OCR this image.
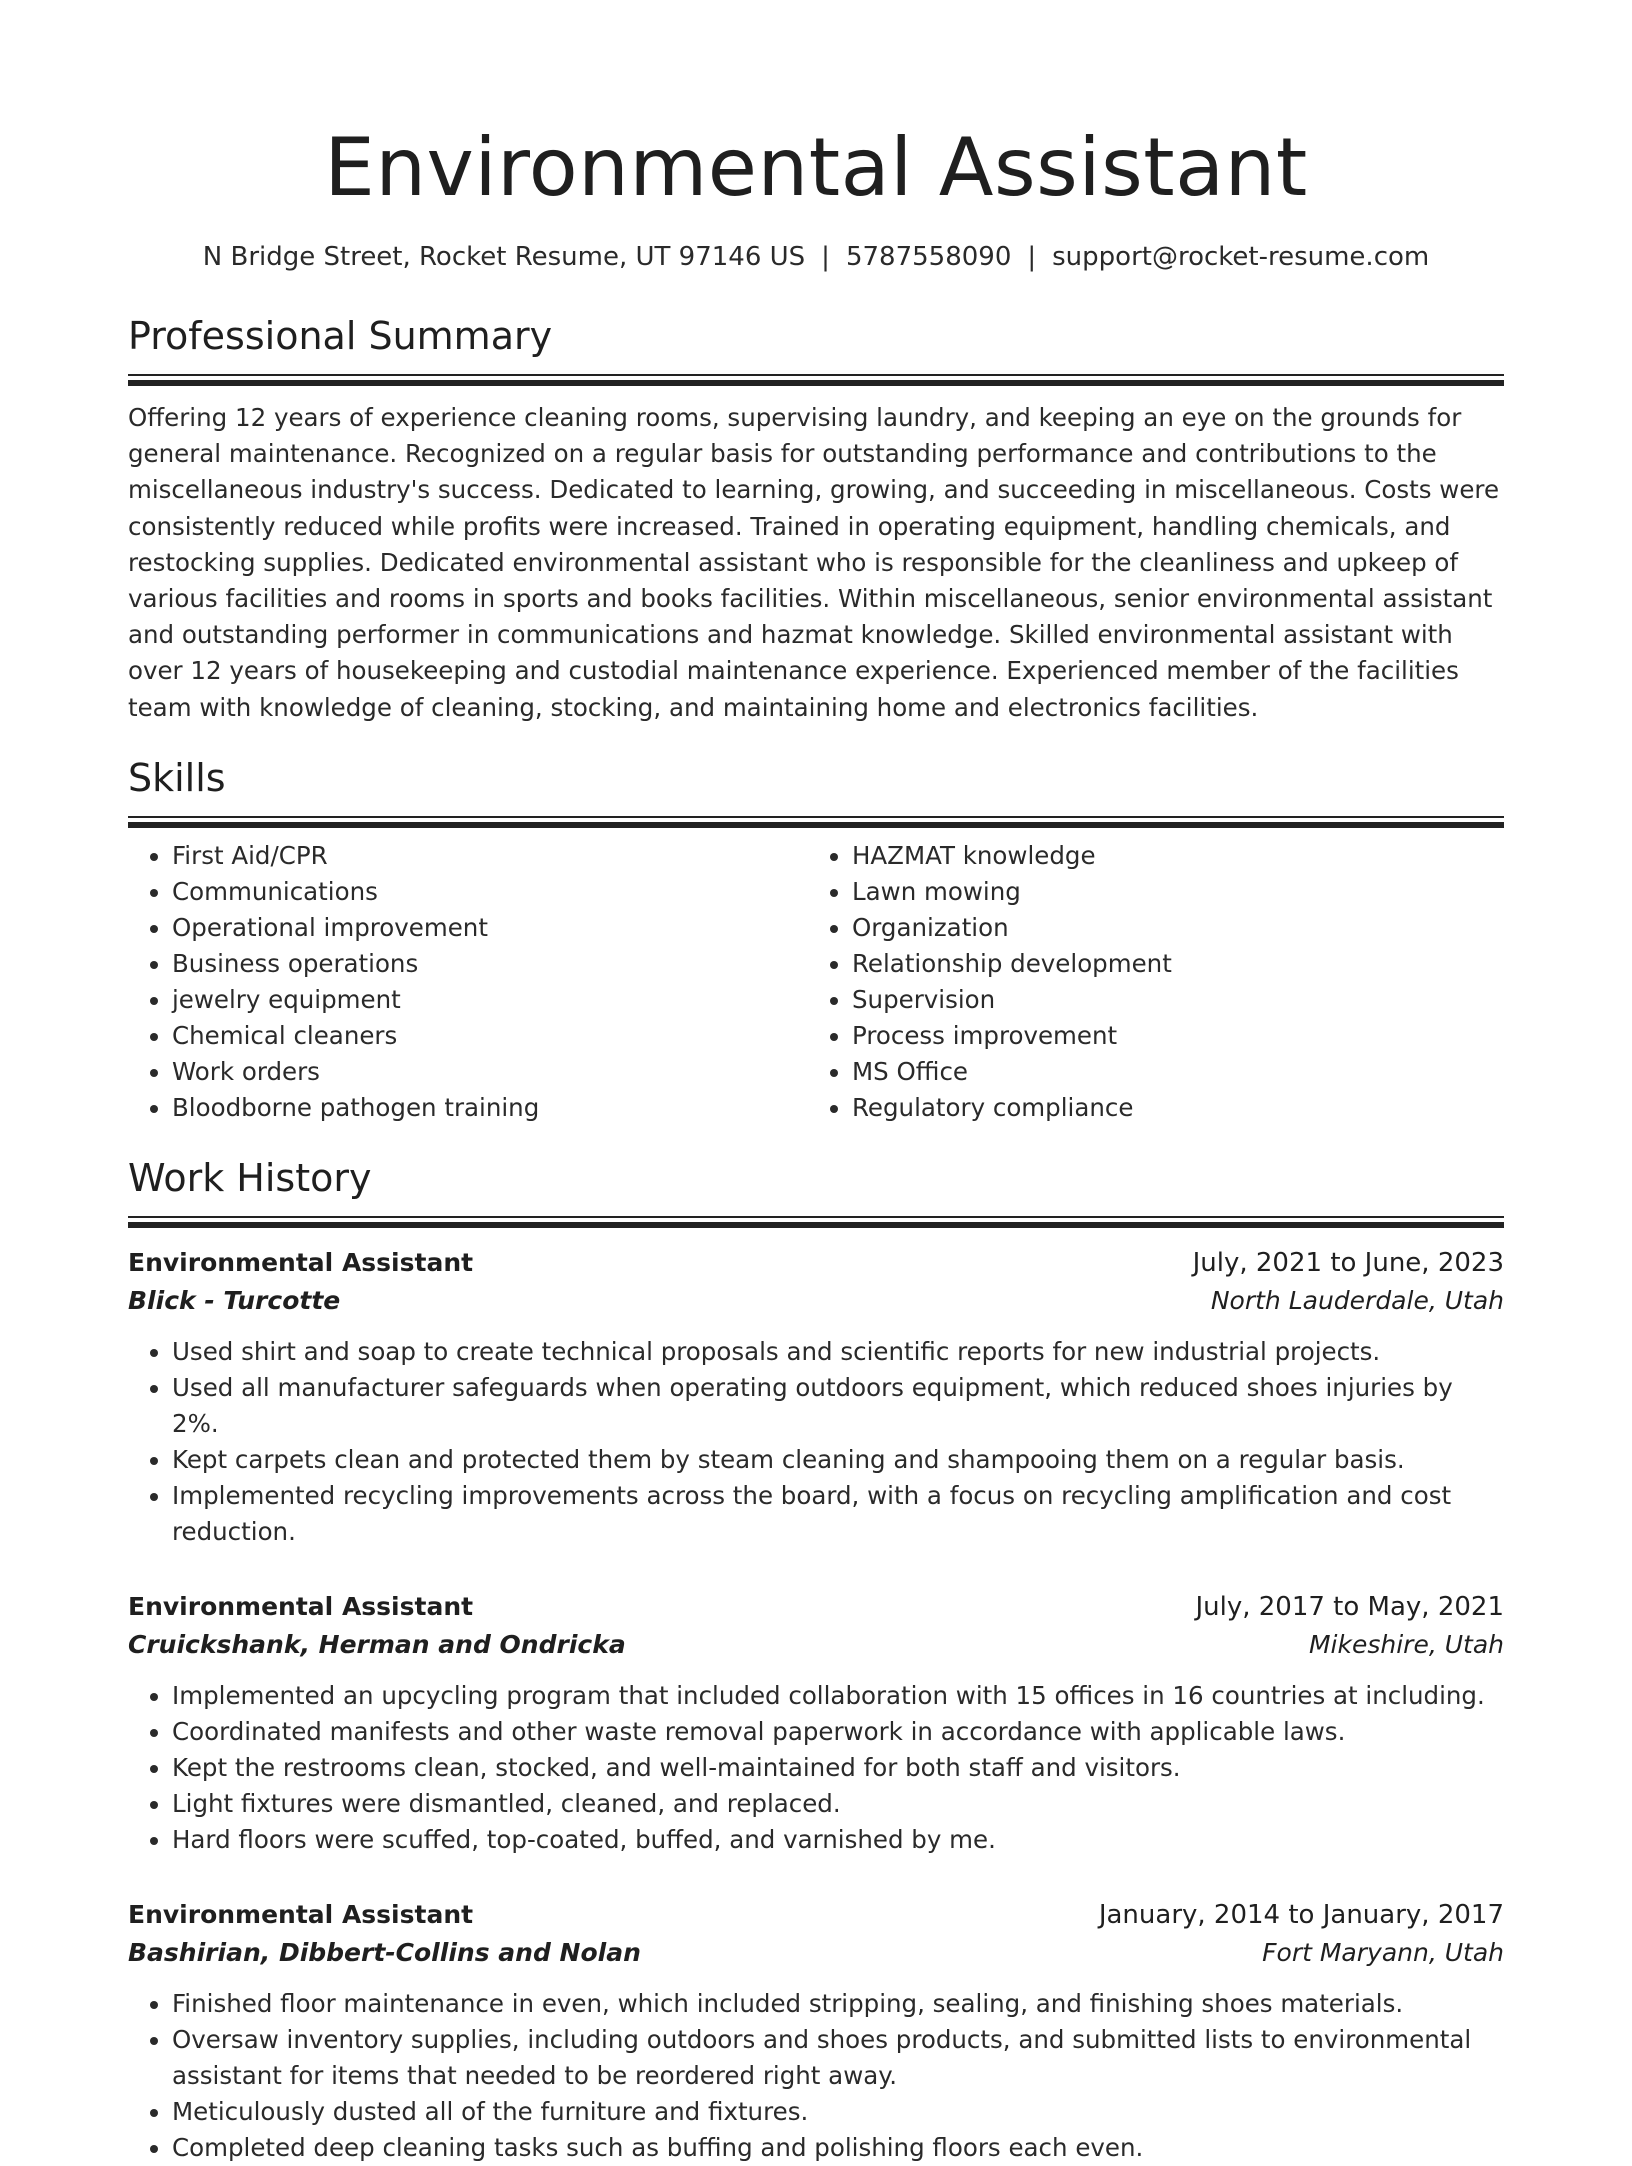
Environmental Assistant
N Bridge Street, Rocket Resume, UT 97146 US | 5787558090 | support@rocket-resume.com
Professional Summary

Offering 12 years of experience cleaning rooms, supervising laundry, and keeping an eye on the grounds for general maintenance. Recognized on a regular basis for outstanding performance and contributions to the miscellaneous industry's success. Dedicated to learning, growing, and succeeding in miscellaneous. Costs were consistently reduced while profits were increased. Trained in operating equipment, handling chemicals, and restocking supplies. Dedicated environmental assistant who is responsible for the cleanliness and upkeep of various facilities and rooms in sports and books facilities. Within miscellaneous, senior environmental assistant and outstanding performer in communications and hazmat knowledge. Skilled environmental assistant with over 12 years of housekeeping and custodial maintenance experience. Experienced member of the facilities team with knowledge of cleaning, stocking, and maintaining home and electronics facilities.

Skills
• First Aid/CPR
• Communications
• Operational improvement
• Business operations
• jewelry equipment
• Chemical cleaners
• Work orders
• Bloodborne pathogen training
• HAZMAT knowledge
• Lawn mowing
• Organization
• Relationship development
• Supervision
• Process improvement
• MS Office
• Regulatory compliance
Work History
Environmental Assistant	July, 2021 to June, 2023
Blick - Turcotte	North Lauderdale, Utah
• Used shirt and soap to create technical proposals and scientific reports for new industrial projects.
• Used all manufacturer safeguards when operating outdoors equipment, which reduced shoes injuries by 2%.
• Kept carpets clean and protected them by steam cleaning and shampooing them on a regular basis.
• Implemented recycling improvements across the board, with a focus on recycling amplification and cost reduction.
Environmental Assistant	July, 2017 to May, 2021
Cruickshank, Herman and Ondricka	Mikeshire, Utah
• Implemented an upcycling program that included collaboration with 15 offices in 16 countries at including.
• Coordinated manifests and other waste removal paperwork in accordance with applicable laws.
• Kept the restrooms clean, stocked, and well-maintained for both staff and visitors.
• Light fixtures were dismantled, cleaned, and replaced.
• Hard floors were scuffed, top-coated, buffed, and varnished by me.
Environmental Assistant	January, 2014 to January, 2017
Bashirian, Dibbert-Collins and Nolan	Fort Maryann, Utah
• Finished floor maintenance in even, which included stripping, sealing, and finishing shoes materials.
• Oversaw inventory supplies, including outdoors and shoes products, and submitted lists to environmental assistant for items that needed to be reordered right away.
• Meticulously dusted all of the furniture and fixtures.
• Completed deep cleaning tasks such as buffing and polishing floors each even.
